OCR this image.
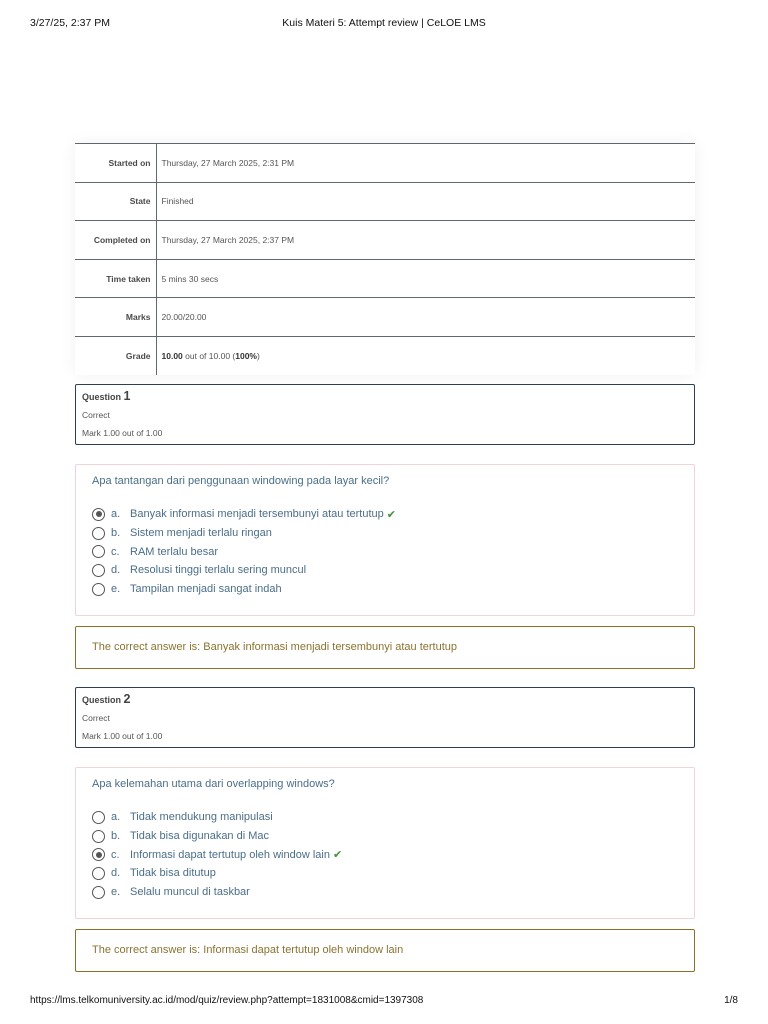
3/27/25, 2:37 PM	Kuis Materi 5: Attempt review | CeLOE LMS
Started on	Thursday, 27 March 2025, 2:31 PM
State	Finished
Completed on	Thursday, 27 March 2025, 2:37 PM
Time taken	5 mins 30 secs
Marks	20.00/20.00
Grade	10.00 out of 10.00 (100%)
Question 1
Correct
Mark 1.00 out of 1.00
Apa tantangan dari penggunaan windowing pada layar kecil?
a. Banyak informasi menjadi tersembunyi atau tertutup ✔
b. Sistem menjadi terlalu ringan
c. RAM terlalu besar
d. Resolusi tinggi terlalu sering muncul
e. Tampilan menjadi sangat indah
The correct answer is: Banyak informasi menjadi tersembunyi atau tertutup
Question 2
Correct
Mark 1.00 out of 1.00
Apa kelemahan utama dari overlapping windows?
a. Tidak mendukung manipulasi
b. Tidak bisa digunakan di Mac
c. Informasi dapat tertutup oleh window lain ✔
d. Tidak bisa ditutup
e. Selalu muncul di taskbar
The correct answer is: Informasi dapat tertutup oleh window lain
https://lms.telkomuniversity.ac.id/mod/quiz/review.php?attempt=1831008&cmid=1397308	1/8
